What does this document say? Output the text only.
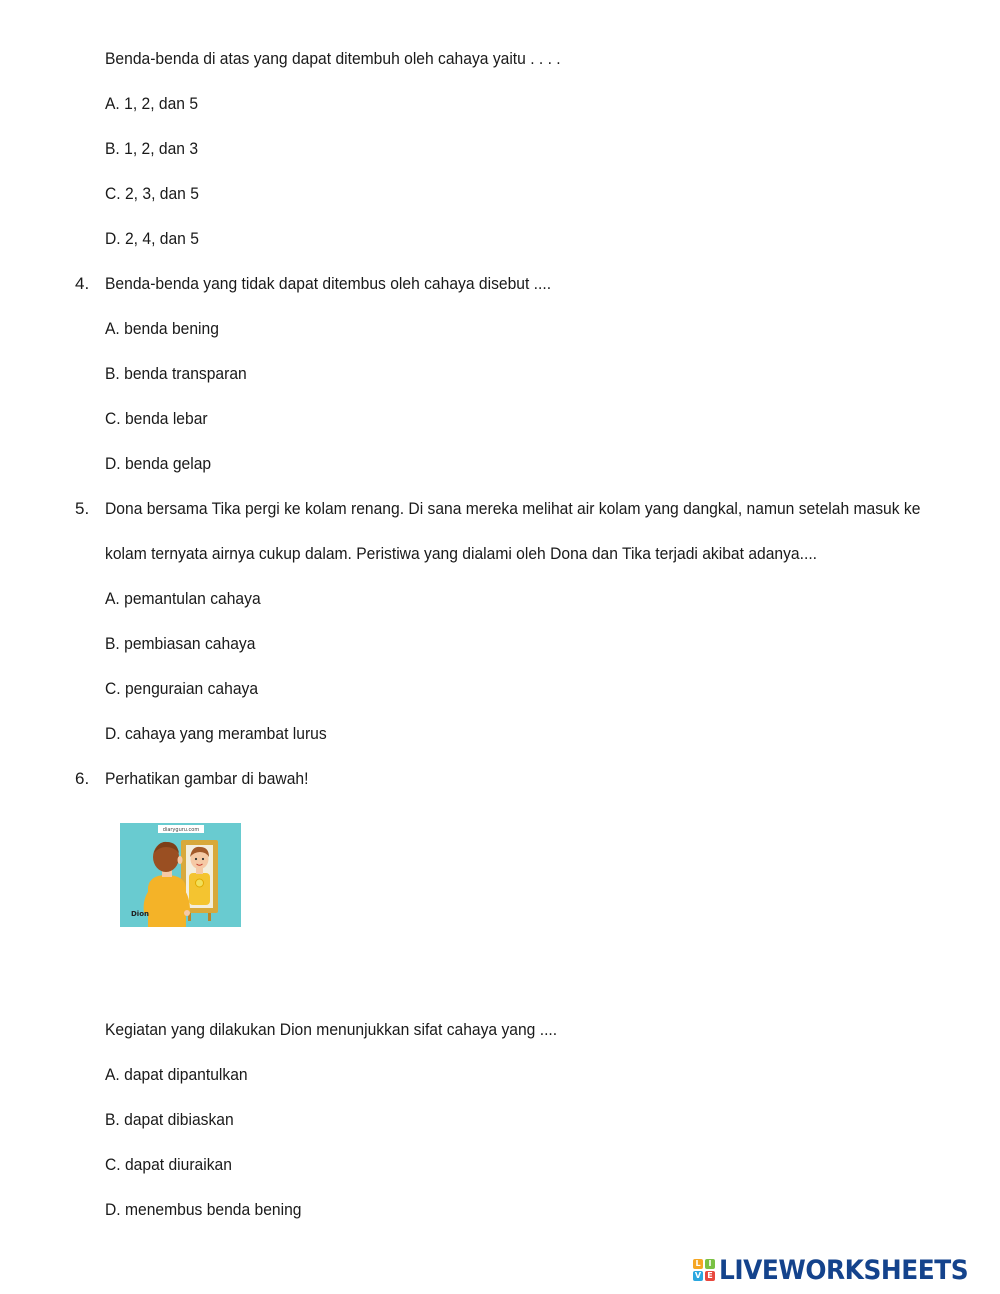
Benda-benda di atas yang dapat ditembuh oleh cahaya yaitu . . . .
A. 1, 2, dan 5
B. 1, 2, dan 3
C. 2, 3, dan 5
D. 2, 4, dan 5
4. Benda-benda yang tidak dapat ditembus oleh cahaya disebut ....
A. benda bening
B. benda transparan
C. benda lebar
D. benda gelap
5. Dona bersama Tika pergi ke kolam renang. Di sana mereka melihat air kolam yang dangkal, namun setelah masuk ke
kolam ternyata airnya cukup dalam. Peristiwa yang dialami oleh Dona dan Tika terjadi akibat adanya....
A. pemantulan cahaya
B. pembiasan cahaya
C. penguraian cahaya
D. cahaya yang merambat lurus
6. Perhatikan gambar di bawah!
diaryguru.com
Dion
Kegiatan yang dilakukan Dion menunjukkan sifat cahaya yang ....
A. dapat dipantulkan
B. dapat dibiaskan
C. dapat diuraikan
D. menembus benda bening
L I
V E LIVEWORKSHEETS
